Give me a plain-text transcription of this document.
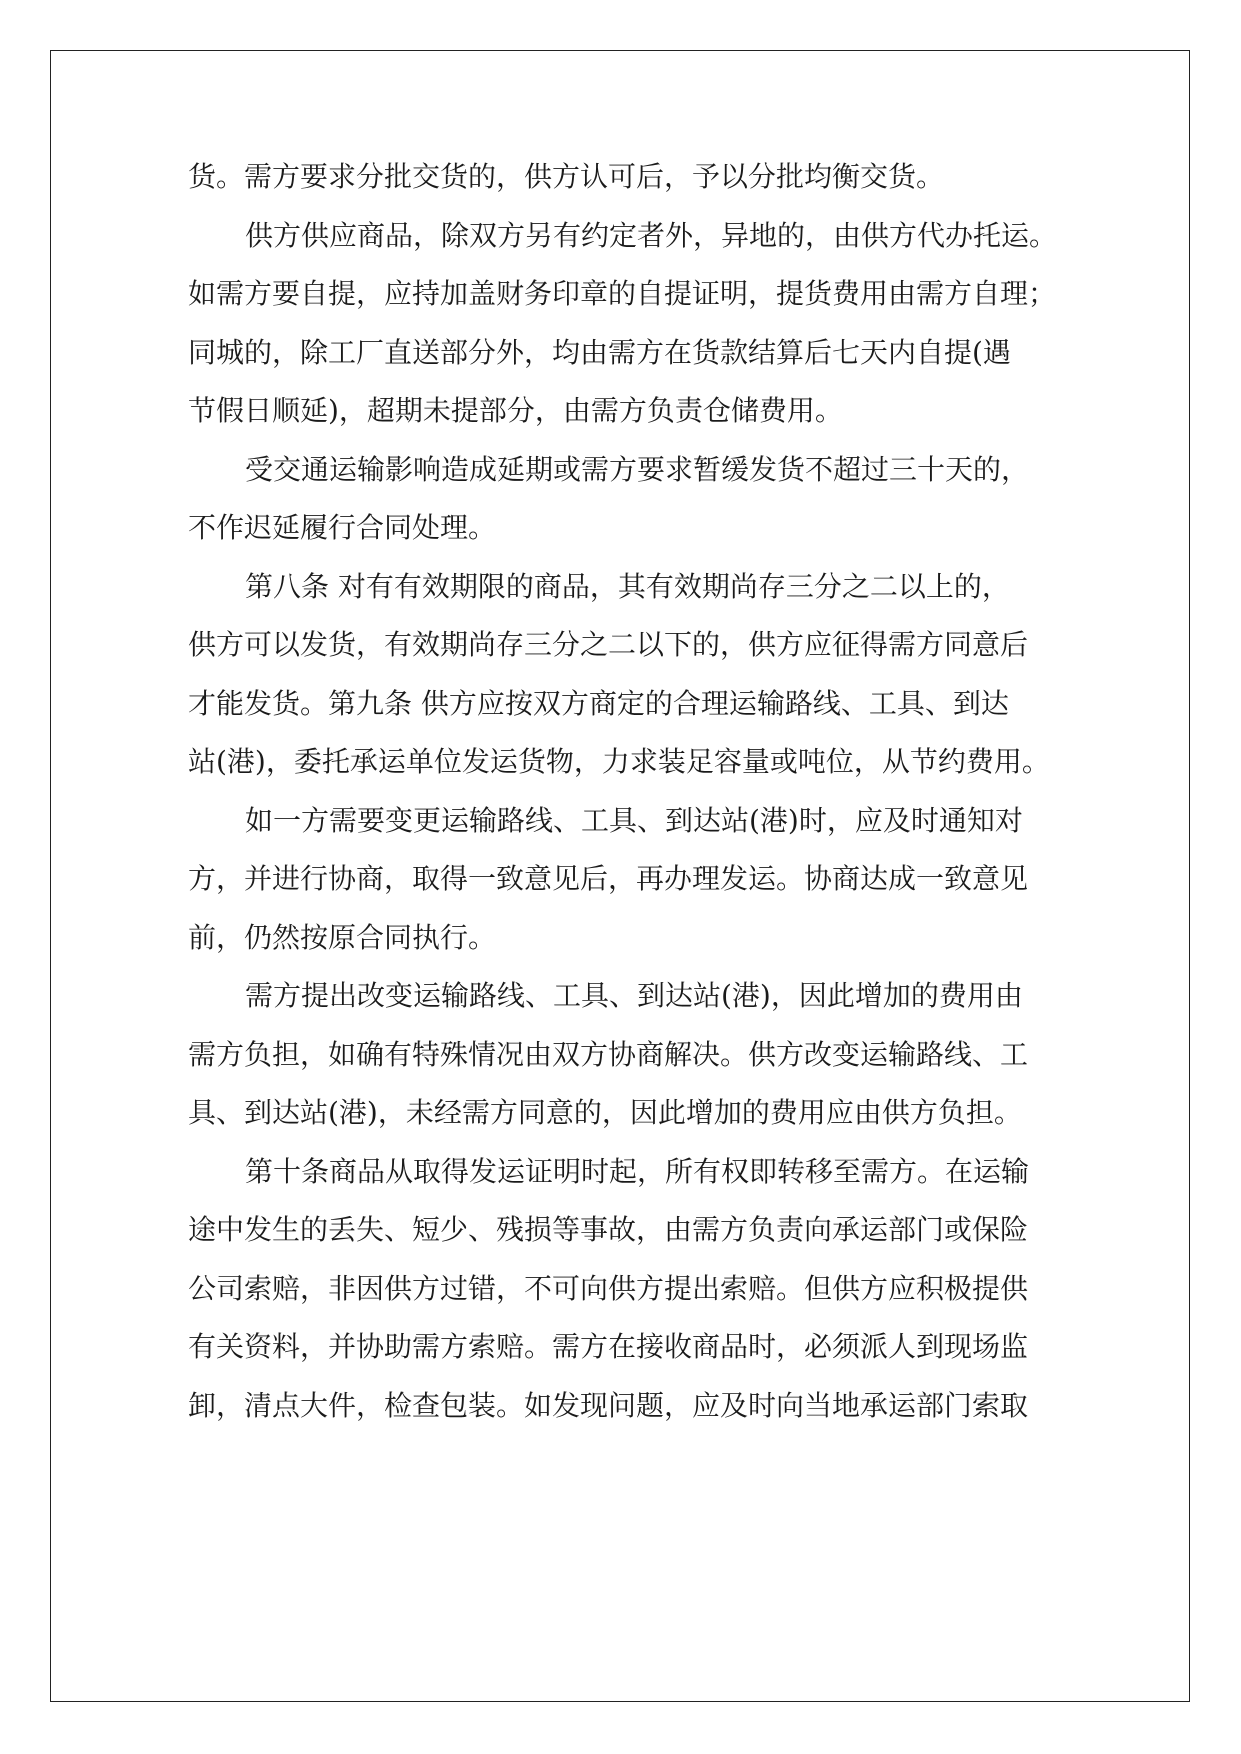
货。需方要求分批交货的，供方认可后，予以分批均衡交货。
供方供应商品，除双方另有约定者外，异地的，由供方代办托运。
如需方要自提，应持加盖财务印章的自提证明，提货费用由需方自理；
同城的，除工厂直送部分外，均由需方在货款结算后七天内自提(遇
节假日顺延)，超期未提部分，由需方负责仓储费用。
受交通运输影响造成延期或需方要求暂缓发货不超过三十天的，
不作迟延履行合同处理。
第八条 对有有效期限的商品，其有效期尚存三分之二以上的，
供方可以发货，有效期尚存三分之二以下的，供方应征得需方同意后
才能发货。第九条 供方应按双方商定的合理运输路线、工具、到达
站(港)，委托承运单位发运货物，力求装足容量或吨位，从节约费用。
如一方需要变更运输路线、工具、到达站(港)时，应及时通知对
方，并进行协商，取得一致意见后，再办理发运。协商达成一致意见
前，仍然按原合同执行。
需方提出改变运输路线、工具、到达站(港)，因此增加的费用由
需方负担，如确有特殊情况由双方协商解决。供方改变运输路线、工
具、到达站(港)，未经需方同意的，因此增加的费用应由供方负担。
第十条商品从取得发运证明时起，所有权即转移至需方。在运输
途中发生的丢失、短少、残损等事故，由需方负责向承运部门或保险
公司索赔，非因供方过错，不可向供方提出索赔。但供方应积极提供
有关资料，并协助需方索赔。需方在接收商品时，必须派人到现场监
卸，清点大件，检查包装。如发现问题，应及时向当地承运部门索取
